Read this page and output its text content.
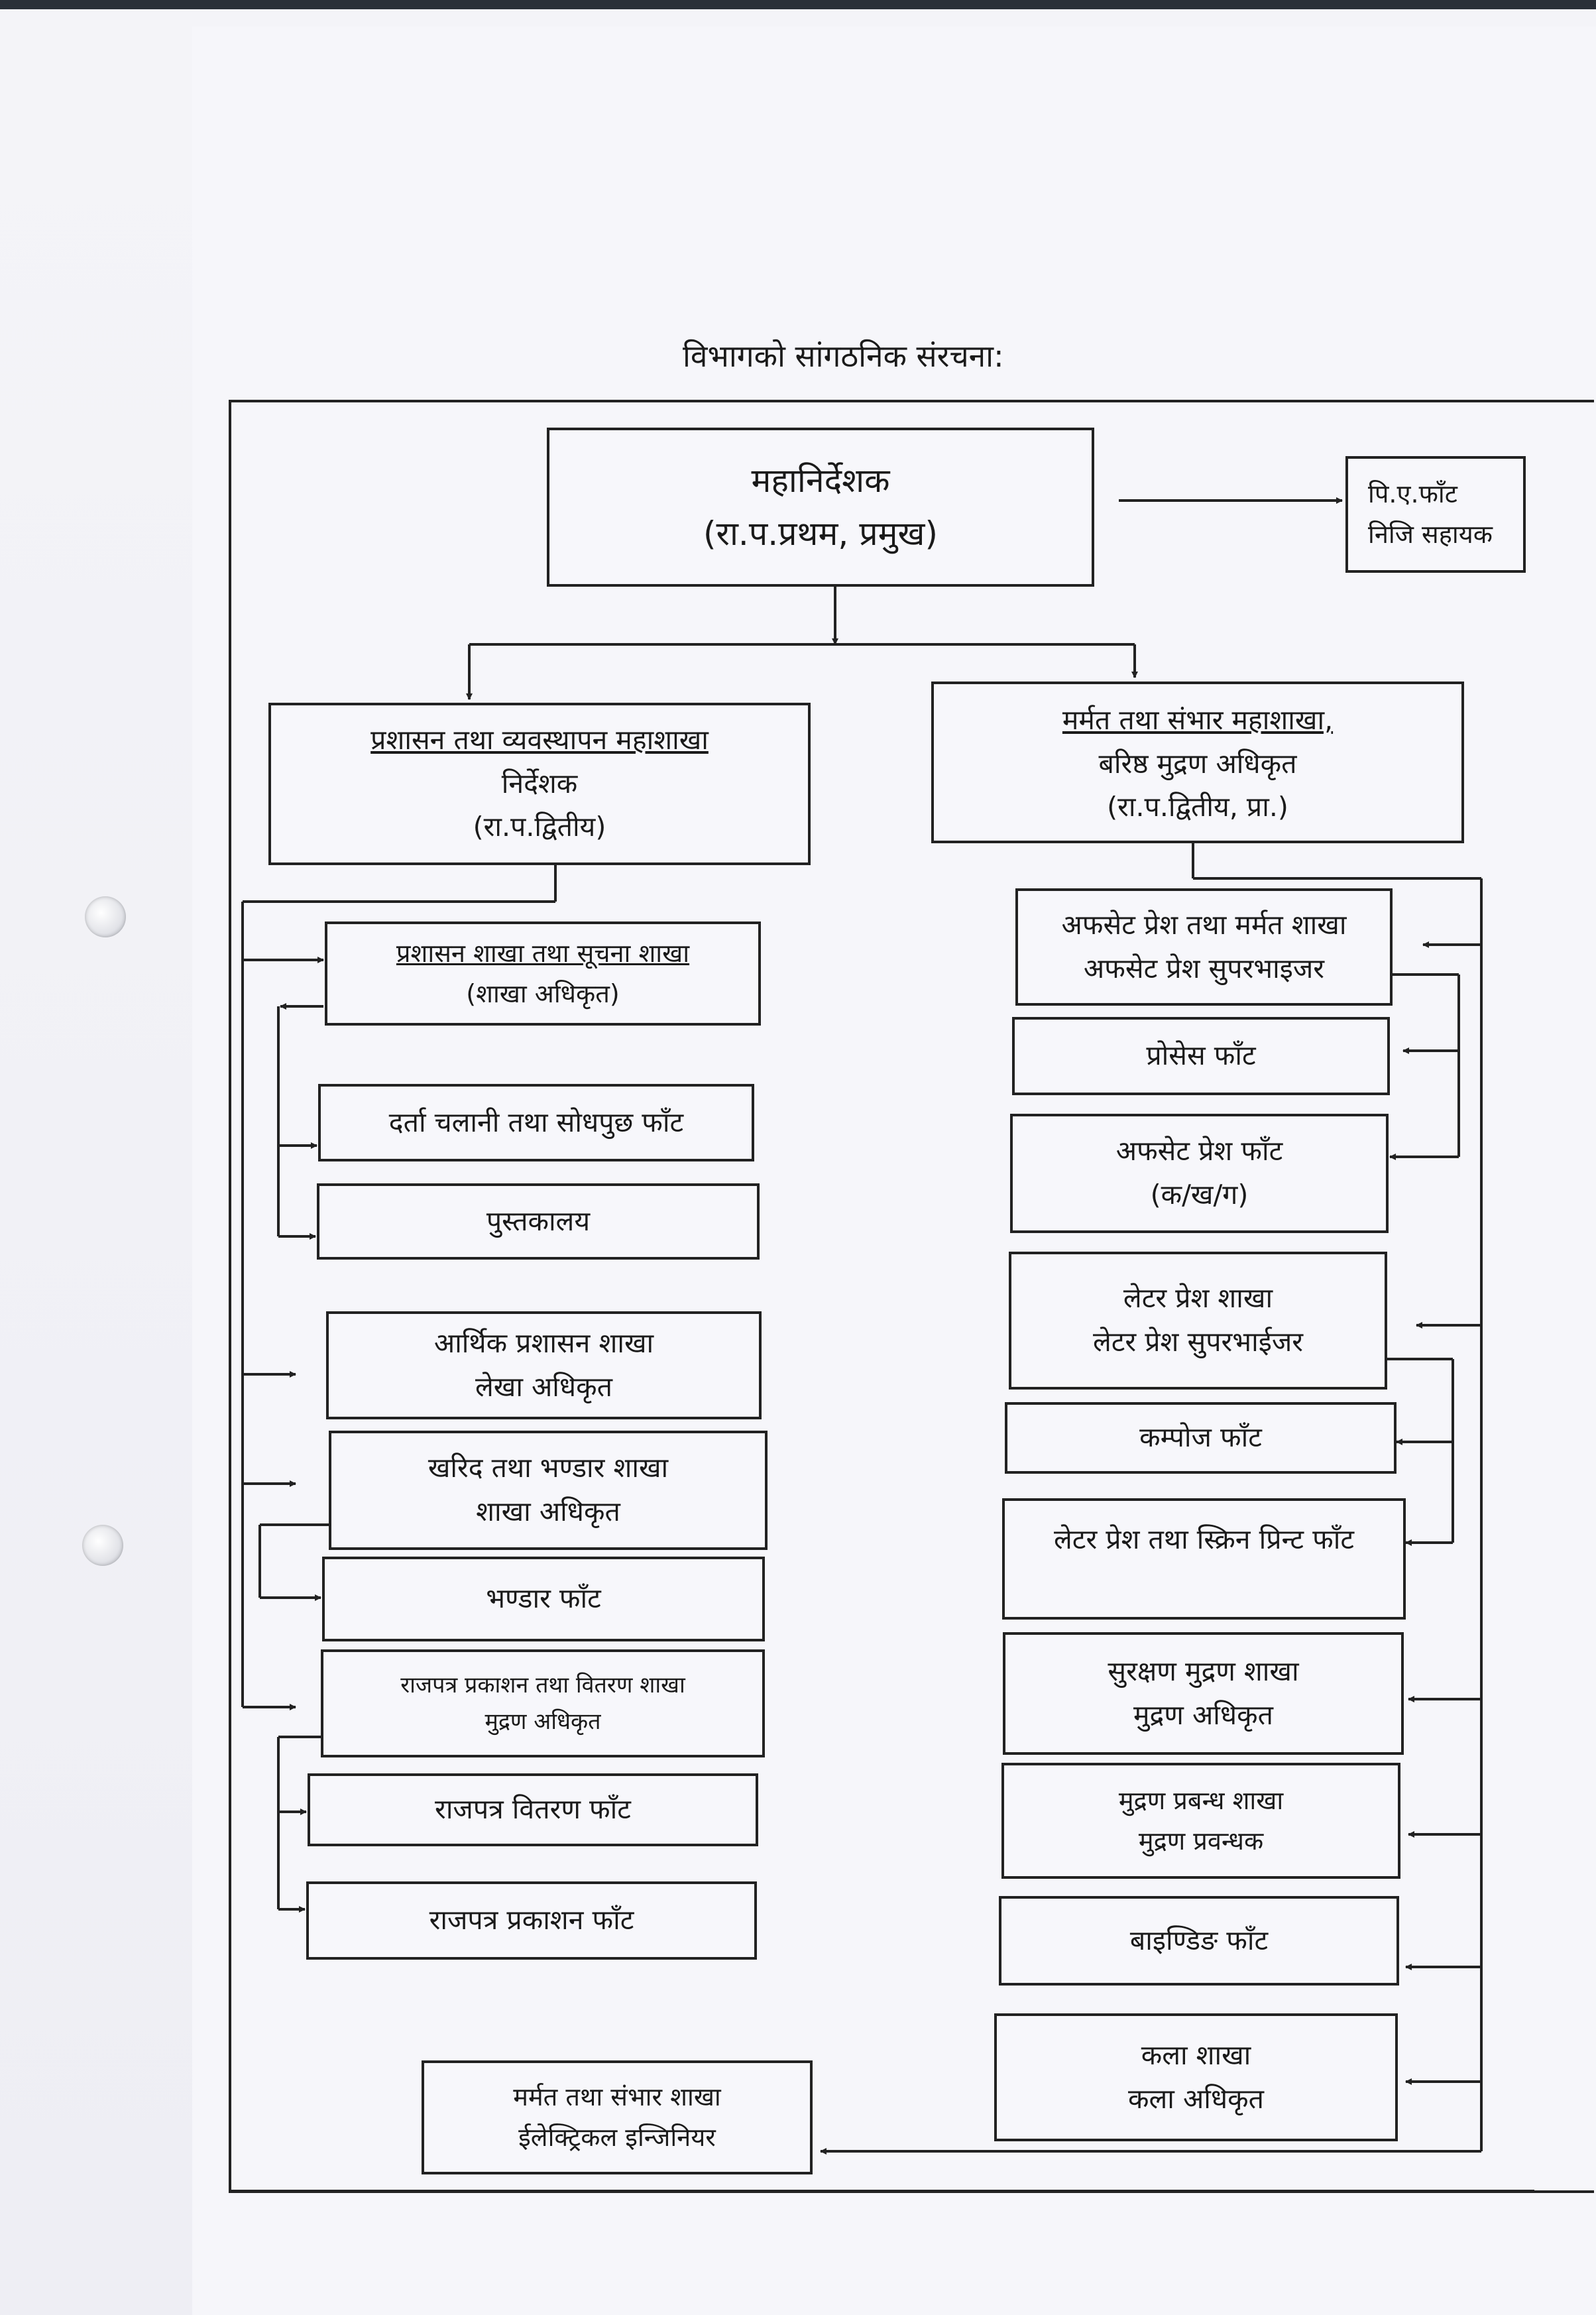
विभागको सांगठनिक संरचना:
महानिर्देशक
(रा.प.प्रथम, प्रमुख)
पि.ए.फाँट
निजि सहायक
प्रशासन तथा व्यवस्थापन महाशाखा
निर्देशक
(रा.प.द्वितीय)
मर्मत तथा संभार महाशाखा,
बरिष्ठ मुद्रण अधिकृत
(रा.प.द्वितीय, प्रा.)
प्रशासन शाखा तथा सूचना शाखा
(शाखा अधिकृत)
दर्ता चलानी तथा सोधपुछ फाँट
पुस्तकालय
आर्थिक प्रशासन शाखा
लेखा अधिकृत
खरिद तथा भण्डार शाखा
शाखा अधिकृत
भण्डार फाँट
राजपत्र प्रकाशन तथा वितरण शाखा
मुद्रण अधिकृत
राजपत्र वितरण फाँट
राजपत्र प्रकाशन फाँट
अफसेट प्रेश तथा मर्मत शाखा
अफसेट प्रेश सुपरभाइजर
प्रोसेस फाँट
अफसेट प्रेश फाँट
(क/ख/ग)
लेटर प्रेश शाखा
लेटर प्रेश सुपरभाईजर
कम्पोज फाँट
लेटर प्रेश तथा स्क्रिन प्रिन्ट फाँट
सुरक्षण मुद्रण शाखा
मुद्रण अधिकृत
मुद्रण प्रबन्ध शाखा
मुद्रण प्रवन्धक
बाइण्डिङ फाँट
कला शाखा
कला अधिकृत
मर्मत तथा संभार शाखा
ईलेक्ट्रिकल इन्जिनियर
